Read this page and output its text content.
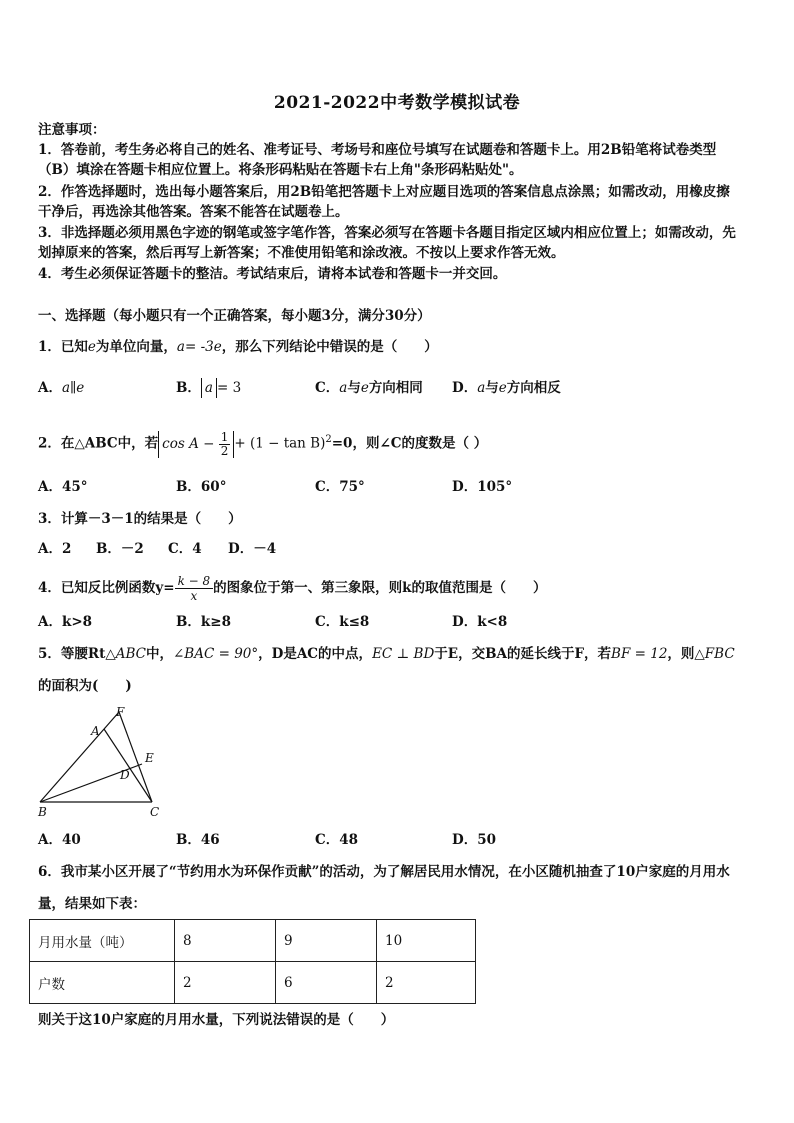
2021-2022中考数学模拟试卷
注意事项：
1．答卷前，考生务必将自己的姓名、准考证号、考场号和座位号填写在试题卷和答题卡上。用2B铅笔将试卷类型
（B）填涂在答题卡相应位置上。将条形码粘贴在答题卡右上角"条形码粘贴处"。
2．作答选择题时，选出每小题答案后，用2B铅笔把答题卡上对应题目选项的答案信息点涂黑；如需改动，用橡皮擦
干净后，再选涂其他答案。答案不能答在试题卷上。
3．非选择题必须用黑色字迹的钢笔或签字笔作答，答案必须写在答题卡各题目指定区域内相应位置上；如需改动，先
划掉原来的答案，然后再写上新答案；不准使用铅笔和涂改液。不按以上要求作答无效。
4．考生必须保证答题卡的整洁。考试结束后，请将本试卷和答题卡一并交回。
一、选择题（每小题只有一个正确答案，每小题3分，满分30分）
1．已知e为单位向量，a= -3e，那么下列结论中错误的是（　　）
A．a∥e	B． a = 3	C．a与e方向相同 D．a与e方向相反
2．在△ABC中，若 $\cos A - \frac{1}{2} + (1 - \tan B)^2=0$，则∠C的度数是（ ）
A．45°	B．60°	C．75°	D．105°
3．计算－3－1的结果是（　　）
A．2 B．－2 C．4 D．－4
4．已知反比例函数$y= \frac{k - 8}{x}$ 的图象位于第一、第三象限，则k的取值范围是（　　）
A．k>8	B．k≥8	C．k≤8	D．k<8
5．等腰Rt△ABC中，∠BAC = 90°，D是AC的中点，EC ⊥ BD于E，交BA的延长线于F，若BF = 12，则△FBC
的面积为(　　)
F
A
E
D
B	C
A．40	B．46	C．48	D．50
6．我市某小区开展了“节约用水为环保作贡献”的活动，为了解居民用水情况，在小区随机抽查了10户家庭的月用水
量，结果如下表：
月用水量（吨）	8	9	10
户数	2	6	2
则关于这10户家庭的月用水量，下列说法错误的是（　　）
